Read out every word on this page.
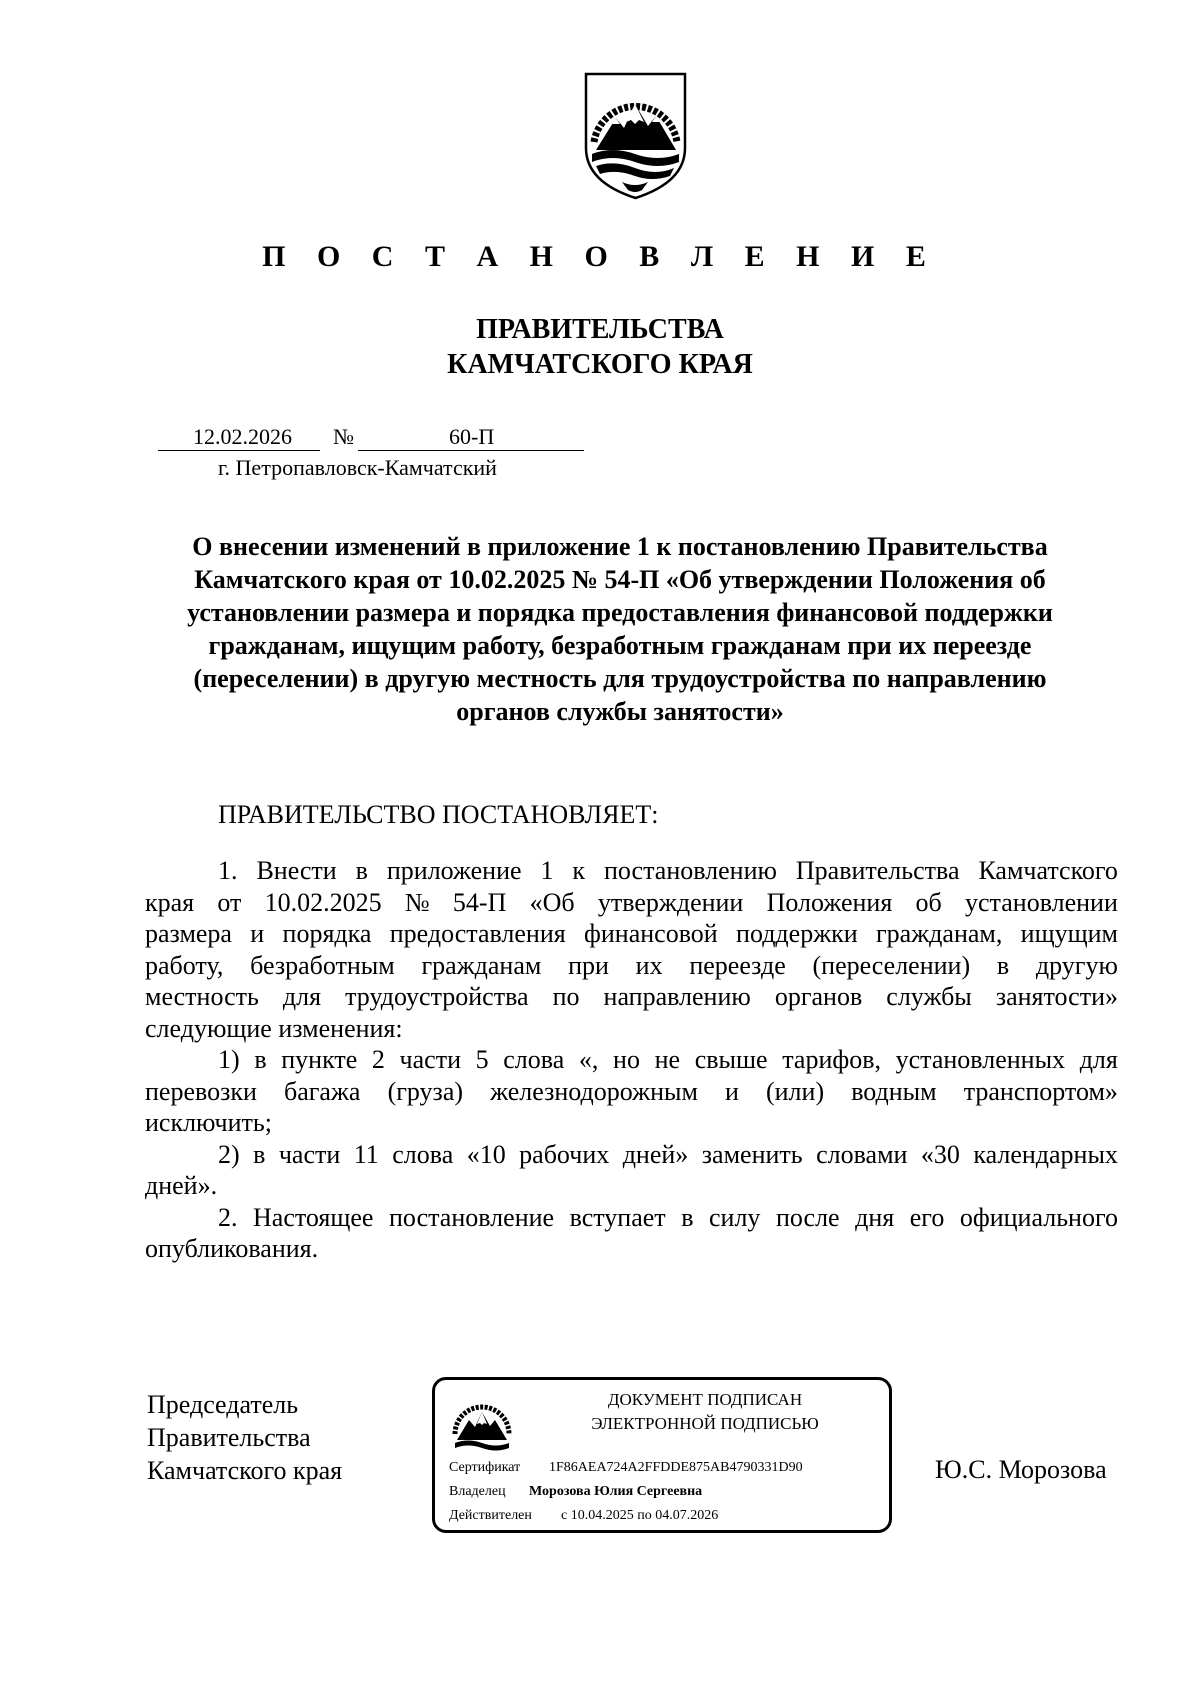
П О С Т А Н О В Л Е Н И Е
ПРАВИТЕЛЬСТВА
КАМЧАТСКОГО КРАЯ
12.02.2026 №	60-П
г. Петропавловск-Камчатский
О внесении изменений в приложение 1 к постановлению Правительства
Камчатского края от 10.02.2025 № 54-П «Об утверждении Положения об
установлении размера и порядка предоставления финансовой поддержки
гражданам, ищущим работу, безработным гражданам при их переезде
(переселении) в другую местность для трудоустройства по направлению
органов службы занятости»
ПРАВИТЕЛЬСТВО ПОСТАНОВЛЯЕТ:
1. Внести в приложение 1 к постановлению Правительства Камчатского
края от 10.02.2025 № 54-П «Об утверждении Положения об установлении
размера и порядка предоставления финансовой поддержки гражданам, ищущим
работу, безработным гражданам при их переезде (переселении) в другую
местность для трудоустройства по направлению органов службы занятости»
следующие изменения:
1) в пункте 2 части 5 слова «, но не свыше тарифов, установленных для
перевозки багажа (груза) железнодорожным и (или) водным транспортом»
исключить;
2) в части 11 слова «10 рабочих дней» заменить словами «30 календарных
дней».
2. Настоящее постановление вступает в силу после дня его официального
опубликования.
Председатель
Правительства
Камчатского края
ДОКУМЕНТ ПОДПИСАН
ЭЛЕКТРОННОЙ ПОДПИСЬЮ
Сертификат 1F86AEA724A2FFDDE875AB4790331D90
Владелец Морозова Юлия Сергеевна
Действителен с 10.04.2025 по 04.07.2026
Ю.С. Морозова
